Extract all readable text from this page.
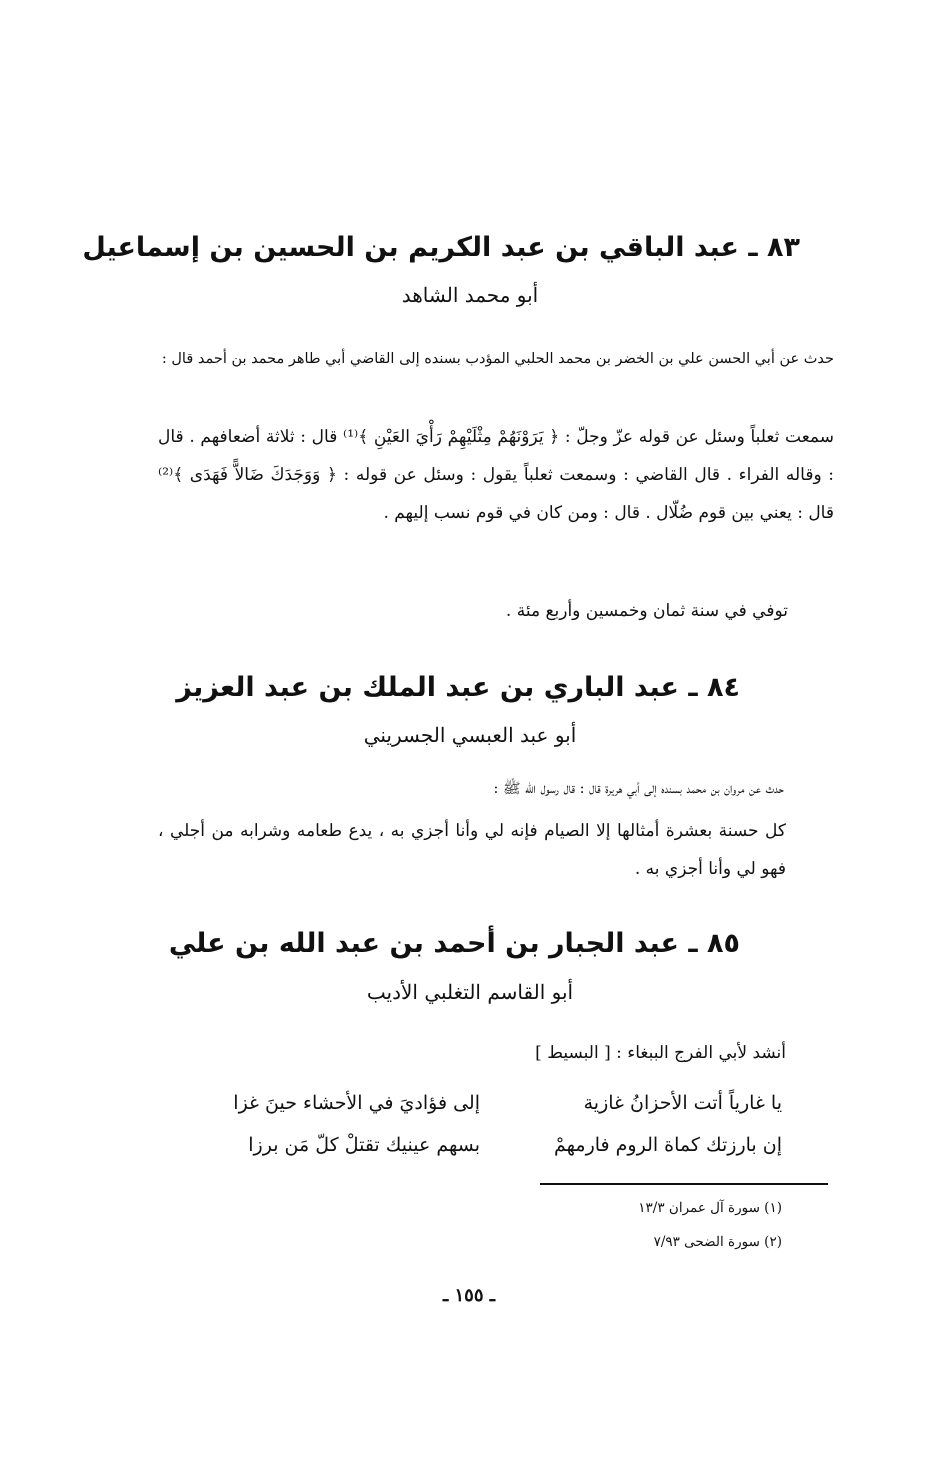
٨٣ ـ عبد الباقي بن عبد الكريم بن الحسين بن إسماعيل
أبو محمد الشاهد
حدث عن أبي الحسن علي بن الخضر بن محمد الحلبي المؤدب بسنده إلى القاضي أبي طاهر محمد بن أحمد قال :
سمعت ثعلباً وسئل عن قوله عزّ وجلّ : ﴿ يَرَوْنَهُمْ مِثْلَيْهِمْ رَأْيَ العَيْنِ ﴾⁽¹⁾ قال : ثلاثة أضعافهم . قال : وقاله الفراء . قال القاضي : وسمعت ثعلباً يقول : وسئل عن قوله : ﴿ وَوَجَدَكَ ضَالاًّ فَهَدَى ﴾⁽²⁾ قال : يعني بين قوم ضُلّال . قال : ومن كان في قوم نسب إليهم .
توفي في سنة ثمان وخمسين وأربع مئة .
٨٤ ـ عبد الباري بن عبد الملك بن عبد العزيز
أبو عبد العبسي الجسريني
حدث عن مروان بن محمد بسنده إلى أبي هريرة قال : قال رسول الله ﷺ :
كل حسنة بعشرة أمثالها إلا الصيام فإنه لي وأنا أجزي به ، يدع طعامه وشرابه من أجلي ، فهو لي وأنا أجزي به .
٨٥ ـ عبد الجبار بن أحمد بن عبد الله بن علي
أبو القاسم التغلبي الأديب
أنشد لأبي الفرج الببغاء : [ البسيط ]
يا غارياً أتت الأحزانُ غازية
إلى فؤاديَ في الأحشاء حينَ غزا
إن بارزتك كماة الروم فارمهمْ
بسهم عينيك تقتلْ كلّ مَن برزا
(١) سورة آل عمران ١٣/٣
(٢) سورة الضحى ٧/٩٣
ـ ١٥٥ ـ
